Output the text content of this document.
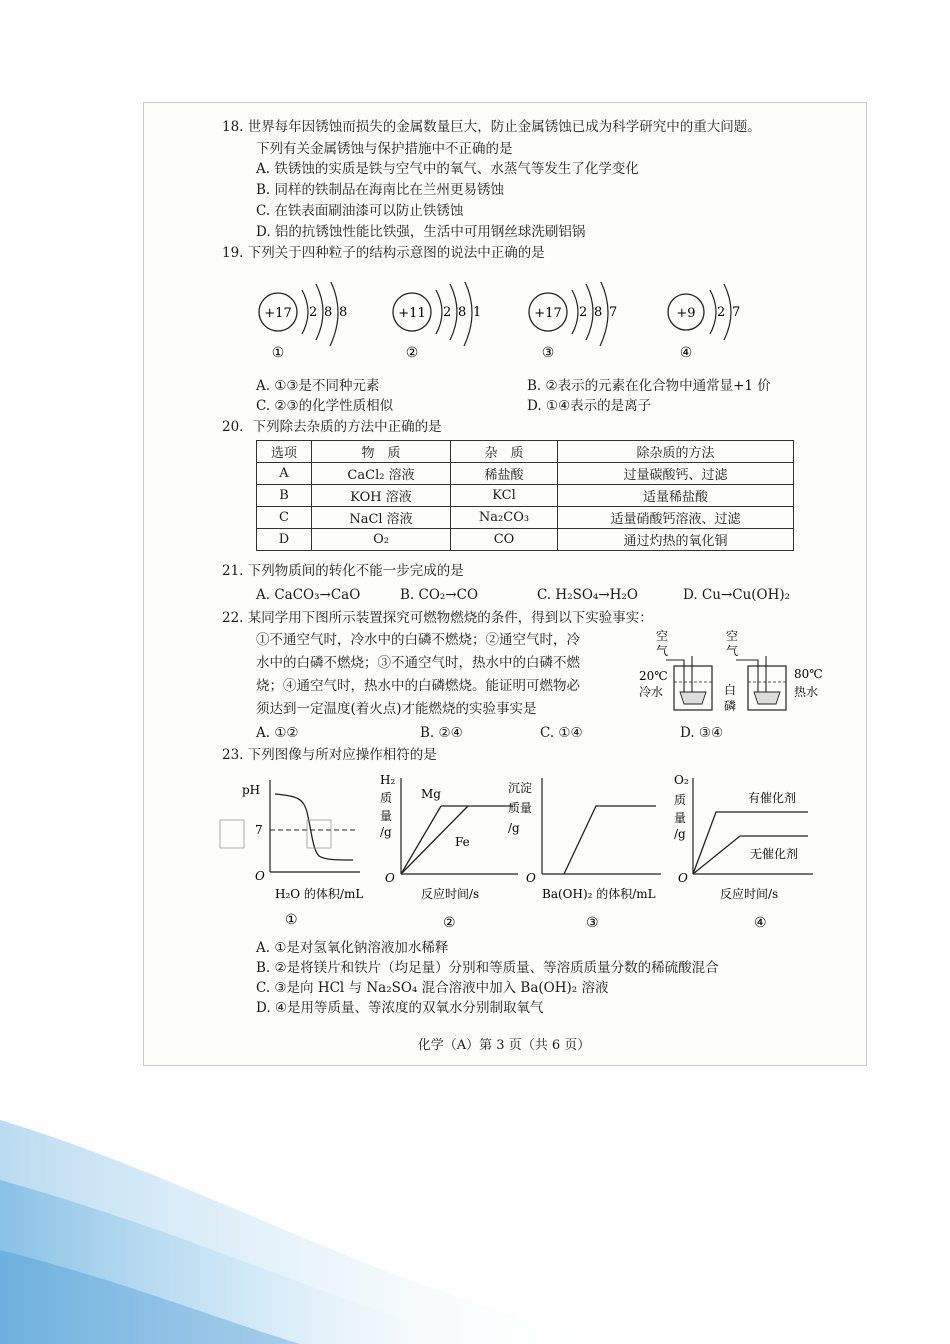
18. 世界每年因锈蚀而损失的金属数量巨大，防止金属锈蚀已成为科学研究中的重大问题。
下列有关金属锈蚀与保护措施中不正确的是
A. 铁锈蚀的实质是铁与空气中的氧气、水蒸气等发生了化学变化
B. 同样的铁制品在海南比在兰州更易锈蚀
C. 在铁表面刷油漆可以防止铁锈蚀
D. 铝的抗锈蚀性能比铁强，生活中可用钢丝球洗刷铝锅
19. 下列关于四种粒子的结构示意图的说法中正确的是
+17 2 8 8
①
+11 2 8 1
②
+17 2 8 7
③
+9 2 7
④
A. ①③是不同种元素	B. ②表示的元素在化合物中通常显+1 价
C. ②③的化学性质相似	D. ①④表示的是离子
20．下列除去杂质的方法中正确的是
选项	物　质	杂　质	除杂质的方法
A	CaCl₂ 溶液	稀盐酸	过量碳酸钙、过滤
B	KOH 溶液	KCl	适量稀盐酸
C	NaCl 溶液	Na₂CO₃	适量硝酸钙溶液、过滤
D	O₂	CO	通过灼热的氧化铜
21. 下列物质间的转化不能一步完成的是
A. CaCO₃→CaO	B. CO₂→CO	C. H₂SO₄→H₂O	D. Cu→Cu(OH)₂
22. 某同学用下图所示装置探究可燃物燃烧的条件，得到以下实验事实：
①不通空气时，冷水中的白磷不燃烧；②通空气时，冷
水中的白磷不燃烧；③不通空气时，热水中的白磷不燃
烧；④通空气时，热水中的白磷燃烧。能证明可燃物必
须达到一定温度(着火点)才能燃烧的实验事实是
A. ①②	B. ②④	C. ①④	D. ③④
空
气
20℃
冷水
空
气
白
磷
80℃
热水
23. 下列图像与所对应操作相符的是
pH
7
O
H₂O 的体积/mL
①
H₂
质
量
/g
O
Mg
Fe
反应时间/s
②
沉淀
质量
/g
O
Ba(OH)₂ 的体积/mL
③
O₂
质
量
/g
O
有催化剂
无催化剂
反应时间/s
④
A. ①是对氢氧化钠溶液加水稀释
B. ②是将镁片和铁片（均足量）分别和等质量、等溶质质量分数的稀硫酸混合
C. ③是向 HCl 与 Na₂SO₄ 混合溶液中加入 Ba(OH)₂ 溶液
D. ④是用等质量、等浓度的双氧水分别制取氧气
化学（A）第 3 页（共 6 页）
